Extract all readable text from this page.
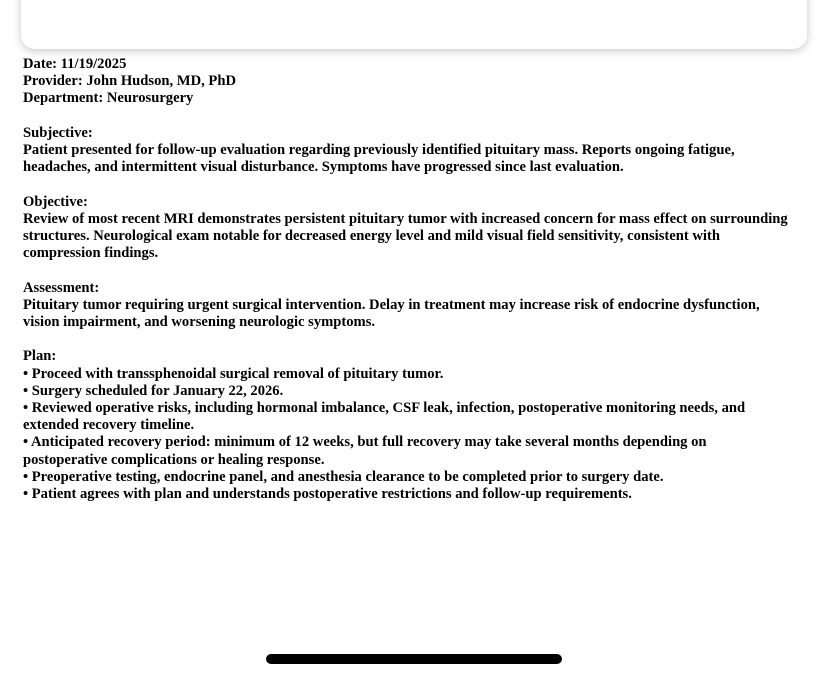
Date: 11/19/2025

Provider: John Hudson, MD, PhD

Department: Neurosurgery

Subjective:

Patient presented for follow-up evaluation regarding previously identified pituitary mass. Reports ongoing fatigue, headaches, and intermittent visual disturbance. Symptoms have progressed since last evaluation.

Objective:

Review of most recent MRI demonstrates persistent pituitary tumor with increased concern for mass effect on surrounding structures. Neurological exam notable for decreased energy level and mild visual field sensitivity, consistent with compression findings.

Assessment:

Pituitary tumor requiring urgent surgical intervention. Delay in treatment may increase risk of endocrine dysfunction, vision impairment, and worsening neurologic symptoms.

Plan:

• Proceed with transsphenoidal surgical removal of pituitary tumor.

• Surgery scheduled for January 22, 2026.

• Reviewed operative risks, including hormonal imbalance, CSF leak, infection, postoperative monitoring needs, and extended recovery timeline.

• Anticipated recovery period: minimum of 12 weeks, but full recovery may take several months depending on postoperative complications or healing response.

• Preoperative testing, endocrine panel, and anesthesia clearance to be completed prior to surgery date.

• Patient agrees with plan and understands postoperative restrictions and follow-up requirements.
